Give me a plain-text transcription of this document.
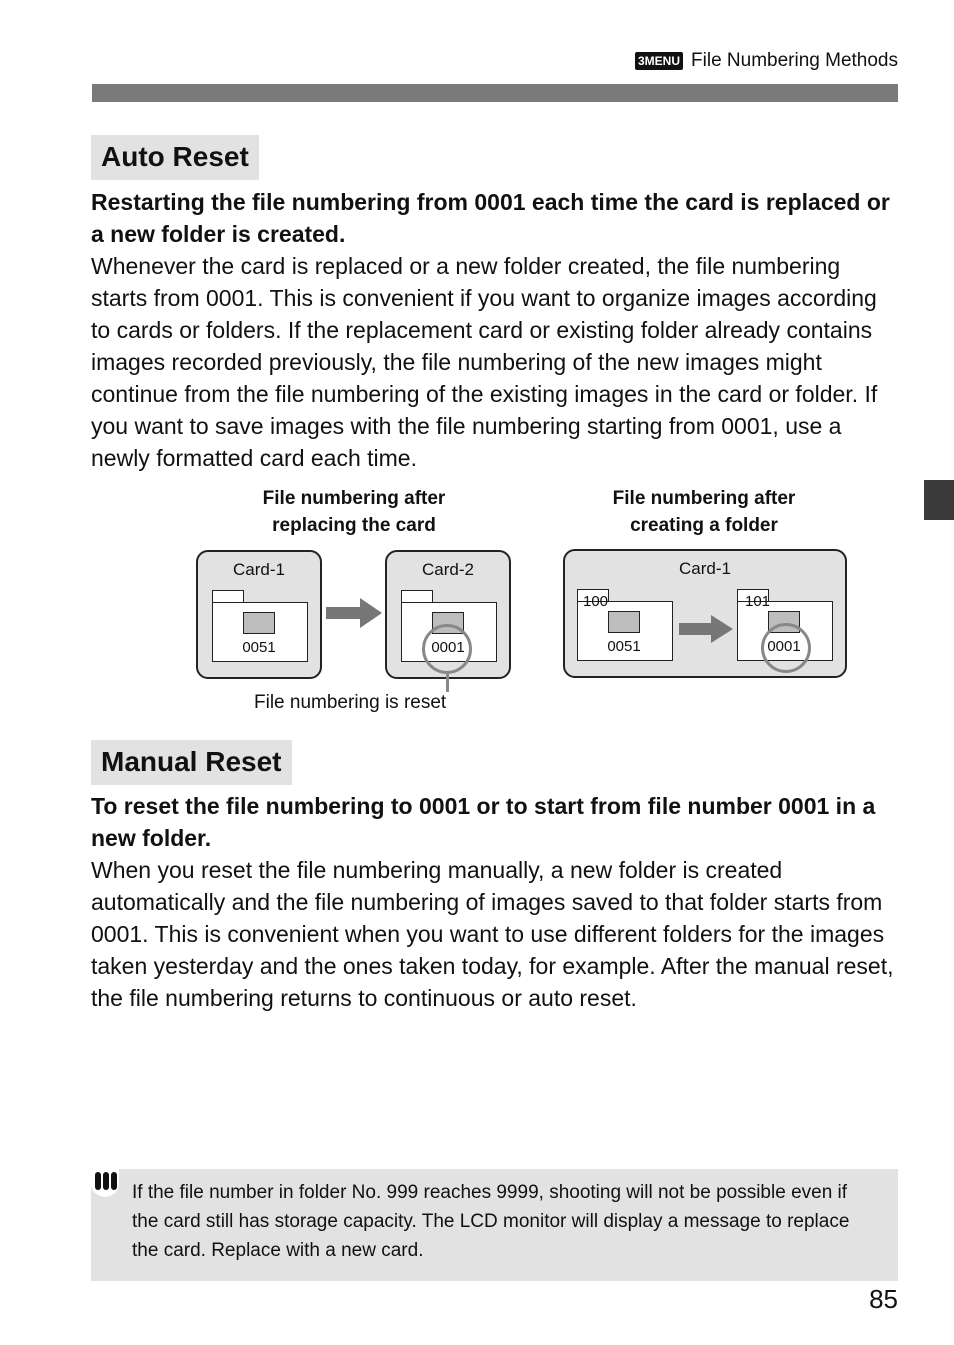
3MENU File Numbering Methods
Auto Reset
Restarting the file numbering from 0001 each time the card is replaced or a new folder is created.
Whenever the card is replaced or a new folder created, the file numbering starts from 0001. This is convenient if you want to organize images according to cards or folders. If the replacement card or existing folder already contains images recorded previously, the file numbering of the new images might continue from the file numbering of the existing images in the card or folder. If you want to save images with the file numbering starting from 0001, use a newly formatted card each time.
File numbering after
replacing the card
File numbering after
creating a folder
Card-1
0051
Card-2
0001
File numbering is reset
Card-1
100
0051
101
0001
Manual Reset
To reset the file numbering to 0001 or to start from file number 0001 in a new folder.
When you reset the file numbering manually, a new folder is created automatically and the file numbering of images saved to that folder starts from 0001. This is convenient when you want to use different folders for the images taken yesterday and the ones taken today, for example. After the manual reset, the file numbering returns to continuous or auto reset.
If the file number in folder No. 999 reaches 9999, shooting will not be possible even if the card still has storage capacity. The LCD monitor will display a message to replace the card. Replace with a new card.
85
